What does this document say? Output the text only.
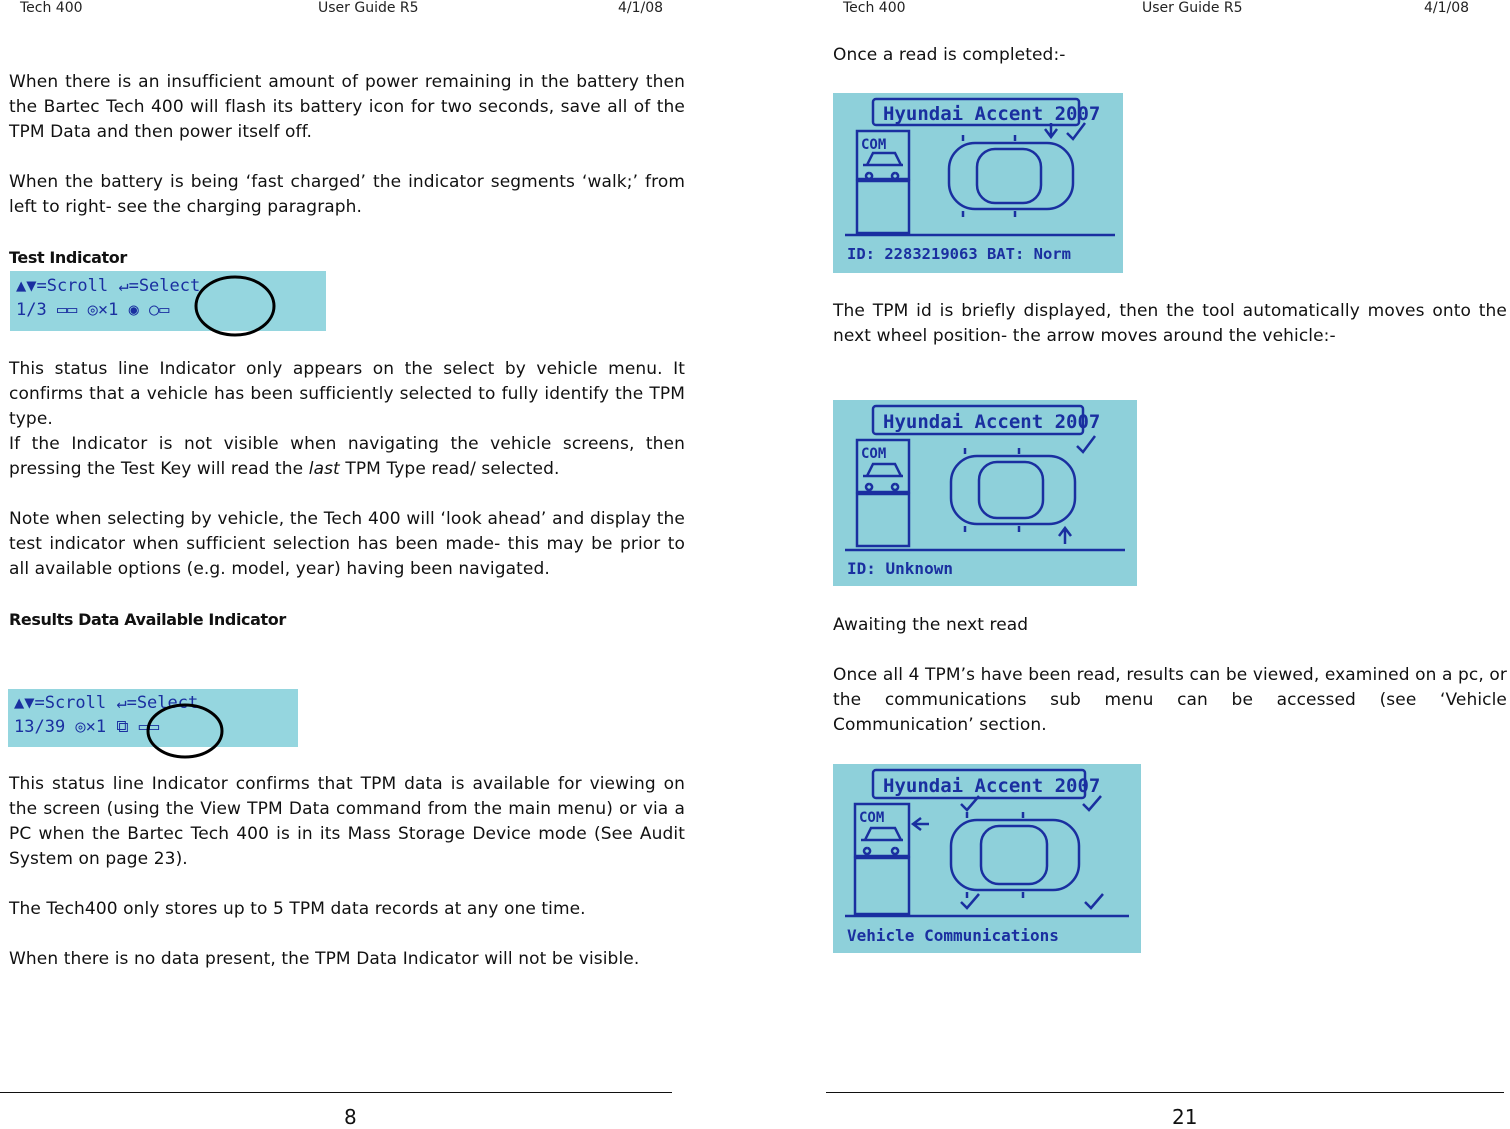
Tech 400	User Guide R5	4/1/08

When there is an insufficient amount of power remaining in the battery then the Bartec Tech 400 will flash its battery icon for two seconds, save all of the TPM Data and then power itself off.

When the battery is being ‘fast charged’ the indicator segments ‘walk;’ from left to right- see the charging paragraph.

Test Indicator

▲▼=Scroll ↵=Select
1/3 ▭▭ ◎×1 ◉ ○▭

This status line Indicator only appears on the select by vehicle menu. It confirms that a vehicle has been sufficiently selected to fully identify the TPM type.

If the Indicator is not visible when navigating the vehicle screens, then pressing the Test Key will read the last TPM Type read/ selected.

Note when selecting by vehicle, the Tech 400 will ‘look ahead’ and display the test indicator when sufficient selection has been made- this may be prior to all available options (e.g. model, year) having been navigated.

Results Data Available Indicator

▲▼=Scroll ↵=Select
13/39 ◎×1 ⧉ ▭▭

This status line Indicator confirms that TPM data is available for viewing on the screen (using the View TPM Data command from the main menu) or via a PC when the Bartec Tech 400 is in its Mass Storage Device mode (See Audit System on page 23).

The Tech400 only stores up to 5 TPM data records at any one time.

When there is no data present, the TPM Data Indicator will not be visible.

8
Tech 400	User Guide R5	4/1/08

Once a read is completed:-

Hyundai Accent 2007
COM
ID: 2283219063 BAT: Norm

The TPM id is briefly displayed, then the tool automatically moves onto the next wheel position- the arrow moves around the vehicle:-

Hyundai Accent 2007
COM
ID: Unknown

Awaiting the next read

Once all 4 TPM’s have been read, results can be viewed, examined on a pc, or the communications sub menu can be accessed (see ‘Vehicle Communication’ section.

Hyundai Accent 2007
COM
Vehicle Communications
21
